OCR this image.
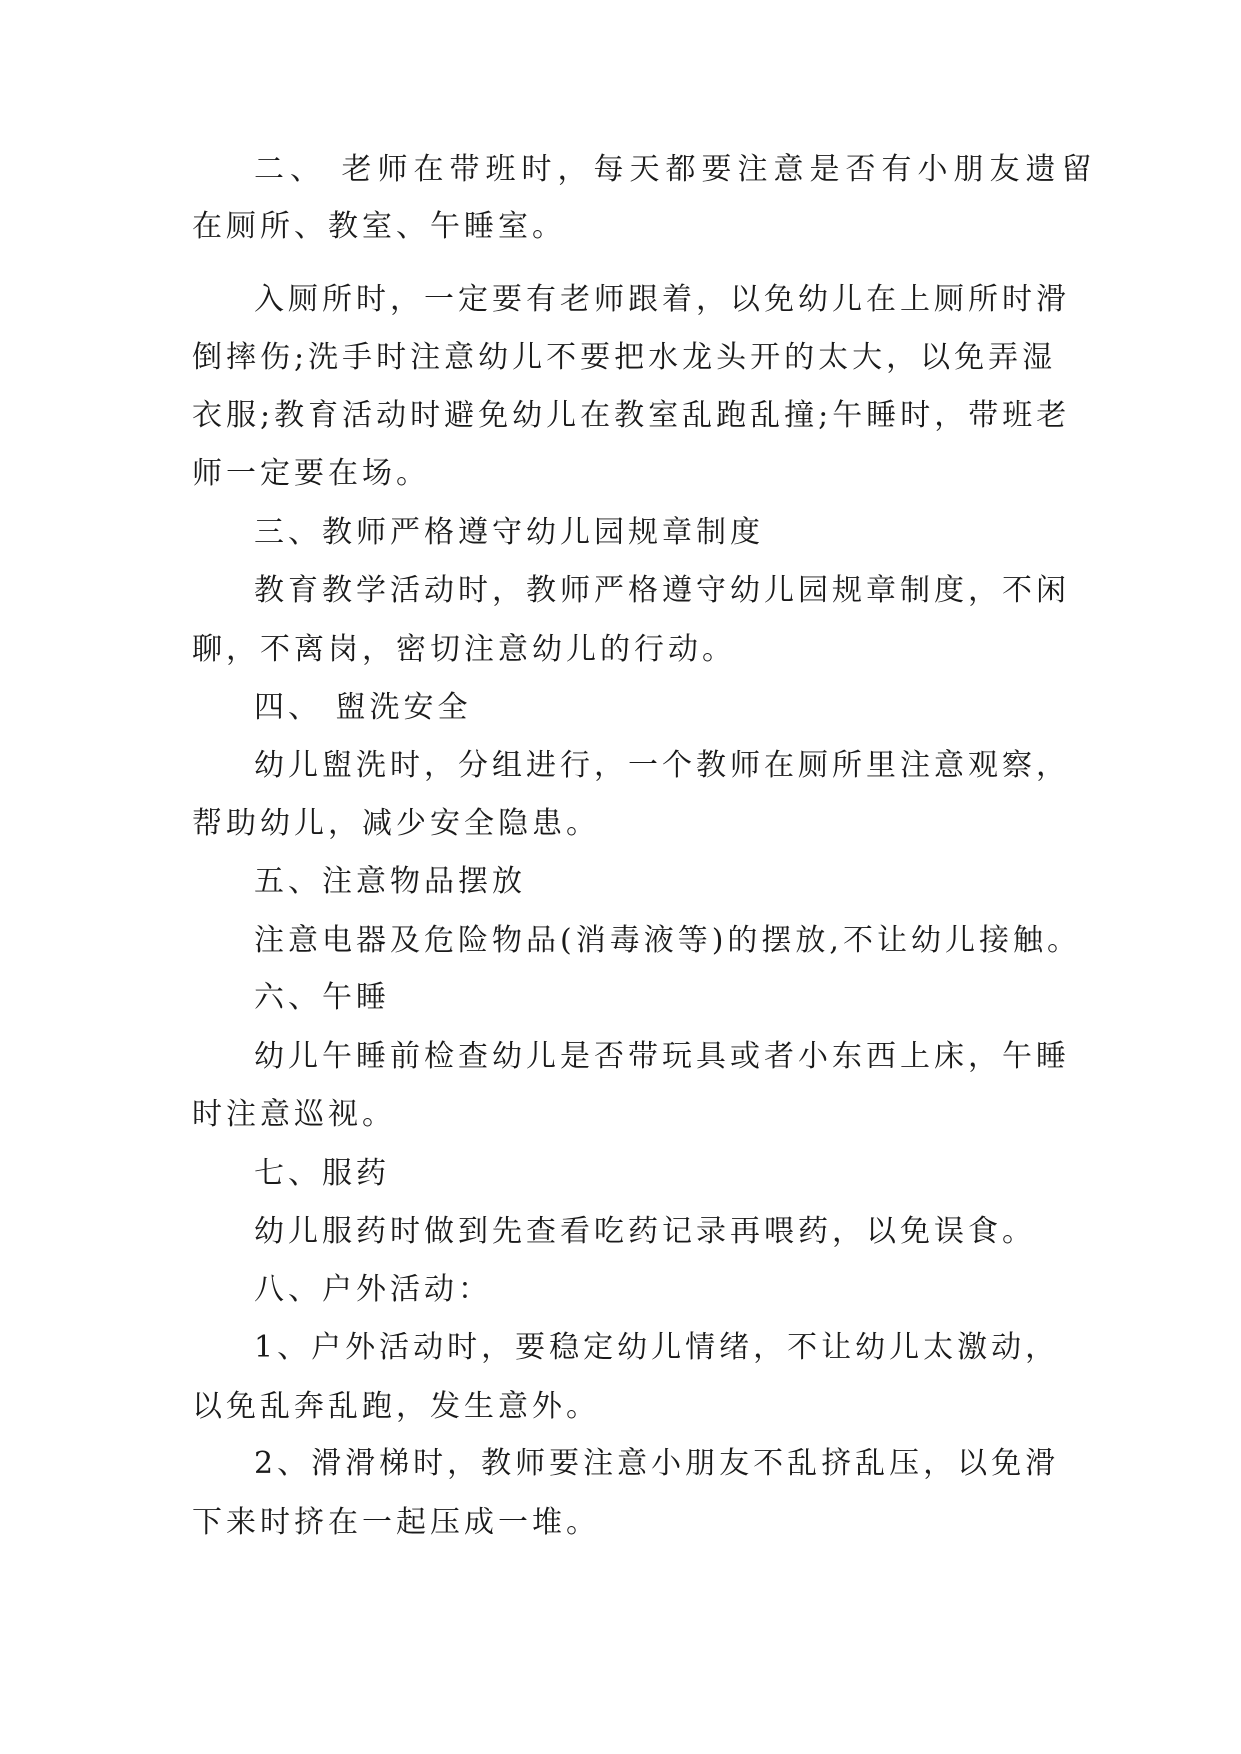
二、 老师在带班时，每天都要注意是否有小朋友遗留
在厕所、教室、午睡室。
入厕所时，一定要有老师跟着，以免幼儿在上厕所时滑
倒摔伤;洗手时注意幼儿不要把水龙头开的太大，以免弄湿
衣服;教育活动时避免幼儿在教室乱跑乱撞;午睡时，带班老
师一定要在场。
三、教师严格遵守幼儿园规章制度
教育教学活动时，教师严格遵守幼儿园规章制度，不闲
聊，不离岗，密切注意幼儿的行动。
四、 盥洗安全
幼儿盥洗时，分组进行，一个教师在厕所里注意观察，
帮助幼儿，减少安全隐患。
五、注意物品摆放
注意电器及危险物品(消毒液等)的摆放,不让幼儿接触。
六、午睡
幼儿午睡前检查幼儿是否带玩具或者小东西上床，午睡
时注意巡视。
七、服药
幼儿服药时做到先查看吃药记录再喂药，以免误食。
八、户外活动：
1、户外活动时，要稳定幼儿情绪，不让幼儿太激动，
以免乱奔乱跑，发生意外。
2、滑滑梯时，教师要注意小朋友不乱挤乱压，以免滑
下来时挤在一起压成一堆。
